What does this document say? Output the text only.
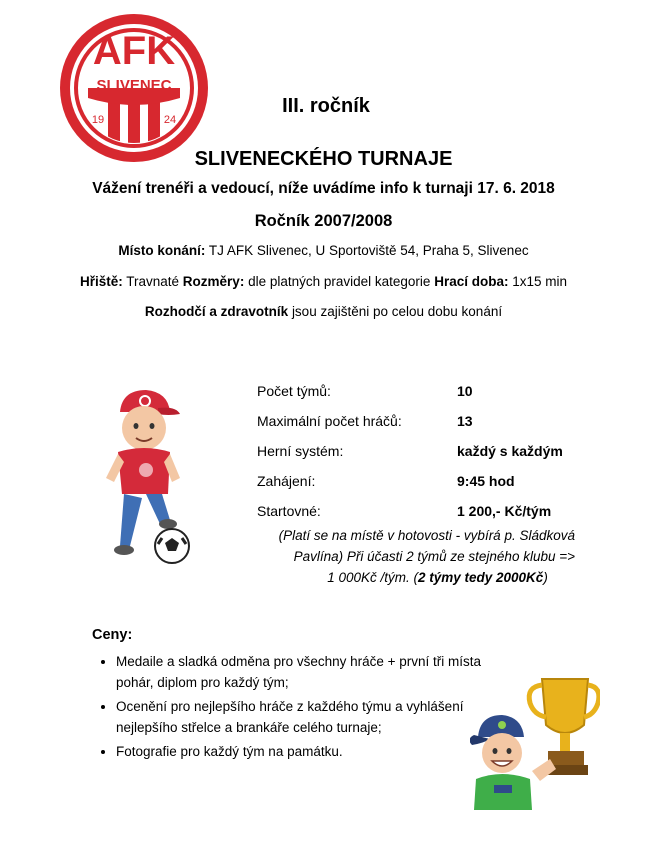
AFK
SLIVENEC
19	24
III. ročník
SLIVENECKÉHO TURNAJE
Vážení trenéři a vedoucí, níže uvádíme info k turnaji 17. 6. 2018
Ročník 2007/2008
Místo konání: TJ AFK Slivenec, U Sportoviště 54, Praha 5, Slivenec
Hřiště: Travnaté Rozměry: dle platných pravidel kategorie Hrací doba: 1x15 min
Rozhodčí a zdravotník jsou zajištěni po celou dobu konání
Počet týmů:	10
Maximální počet hráčů:	13
Herní systém:	každý s každým
Zahájení:	9:45 hod
Startovné:	1 200,- Kč/tým
(Platí se na místě v hotovosti - vybírá p. Sládková
Pavlína) Při účasti 2 týmů ze stejného klubu =>
1 000Kč /tým. (2 týmy tedy 2000Kč)
Ceny:
• Medaile a sladká odměna pro všechny hráče + první tři místa pohár, diplom pro každý tým;
• Ocenění pro nejlepšího hráče z každého týmu a vyhlášení nejlepšího střelce a brankáře celého turnaje;
• Fotografie pro každý tým na památku.
